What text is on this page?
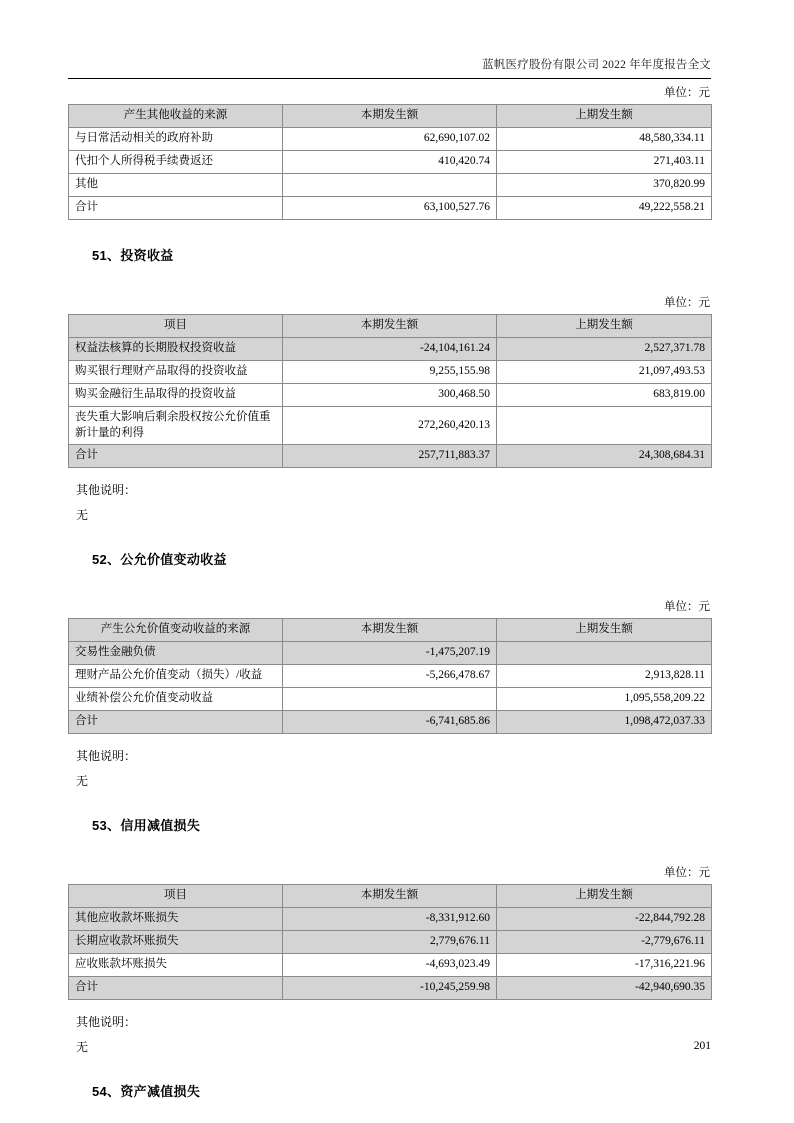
蓝帆医疗股份有限公司 2022 年年度报告全文
单位：元
产生其他收益的来源	本期发生额	上期发生额
与日常活动相关的政府补助	62,690,107.02	48,580,334.11
代扣个人所得税手续费返还	410,420.74	271,403.11
其他		370,820.99
合计	63,100,527.76	49,222,558.21
51、投资收益
单位：元
项目	本期发生额	上期发生额
权益法核算的长期股权投资收益	-24,104,161.24	2,527,371.78
购买银行理财产品取得的投资收益	9,255,155.98	21,097,493.53
购买金融衍生品取得的投资收益	300,468.50	683,819.00
丧失重大影响后剩余股权按公允价值重新计量的利得	272,260,420.13	
合计	257,711,883.37	24,308,684.31

其他说明：

无

52、公允价值变动收益
单位：元
产生公允价值变动收益的来源	本期发生额	上期发生额
交易性金融负债	-1,475,207.19	
理财产品公允价值变动（损失）/收益	-5,266,478.67	2,913,828.11
业绩补偿公允价值变动收益		1,095,558,209.22
合计	-6,741,685.86	1,098,472,037.33

其他说明：

无

53、信用减值损失
单位：元
项目	本期发生额	上期发生额
其他应收款坏账损失	-8,331,912.60	-22,844,792.28
长期应收款坏账损失	2,779,676.11	-2,779,676.11
应收账款坏账损失	-4,693,023.49	-17,316,221.96
合计	-10,245,259.98	-42,940,690.35

其他说明：

无

54、资产减值损失
201
